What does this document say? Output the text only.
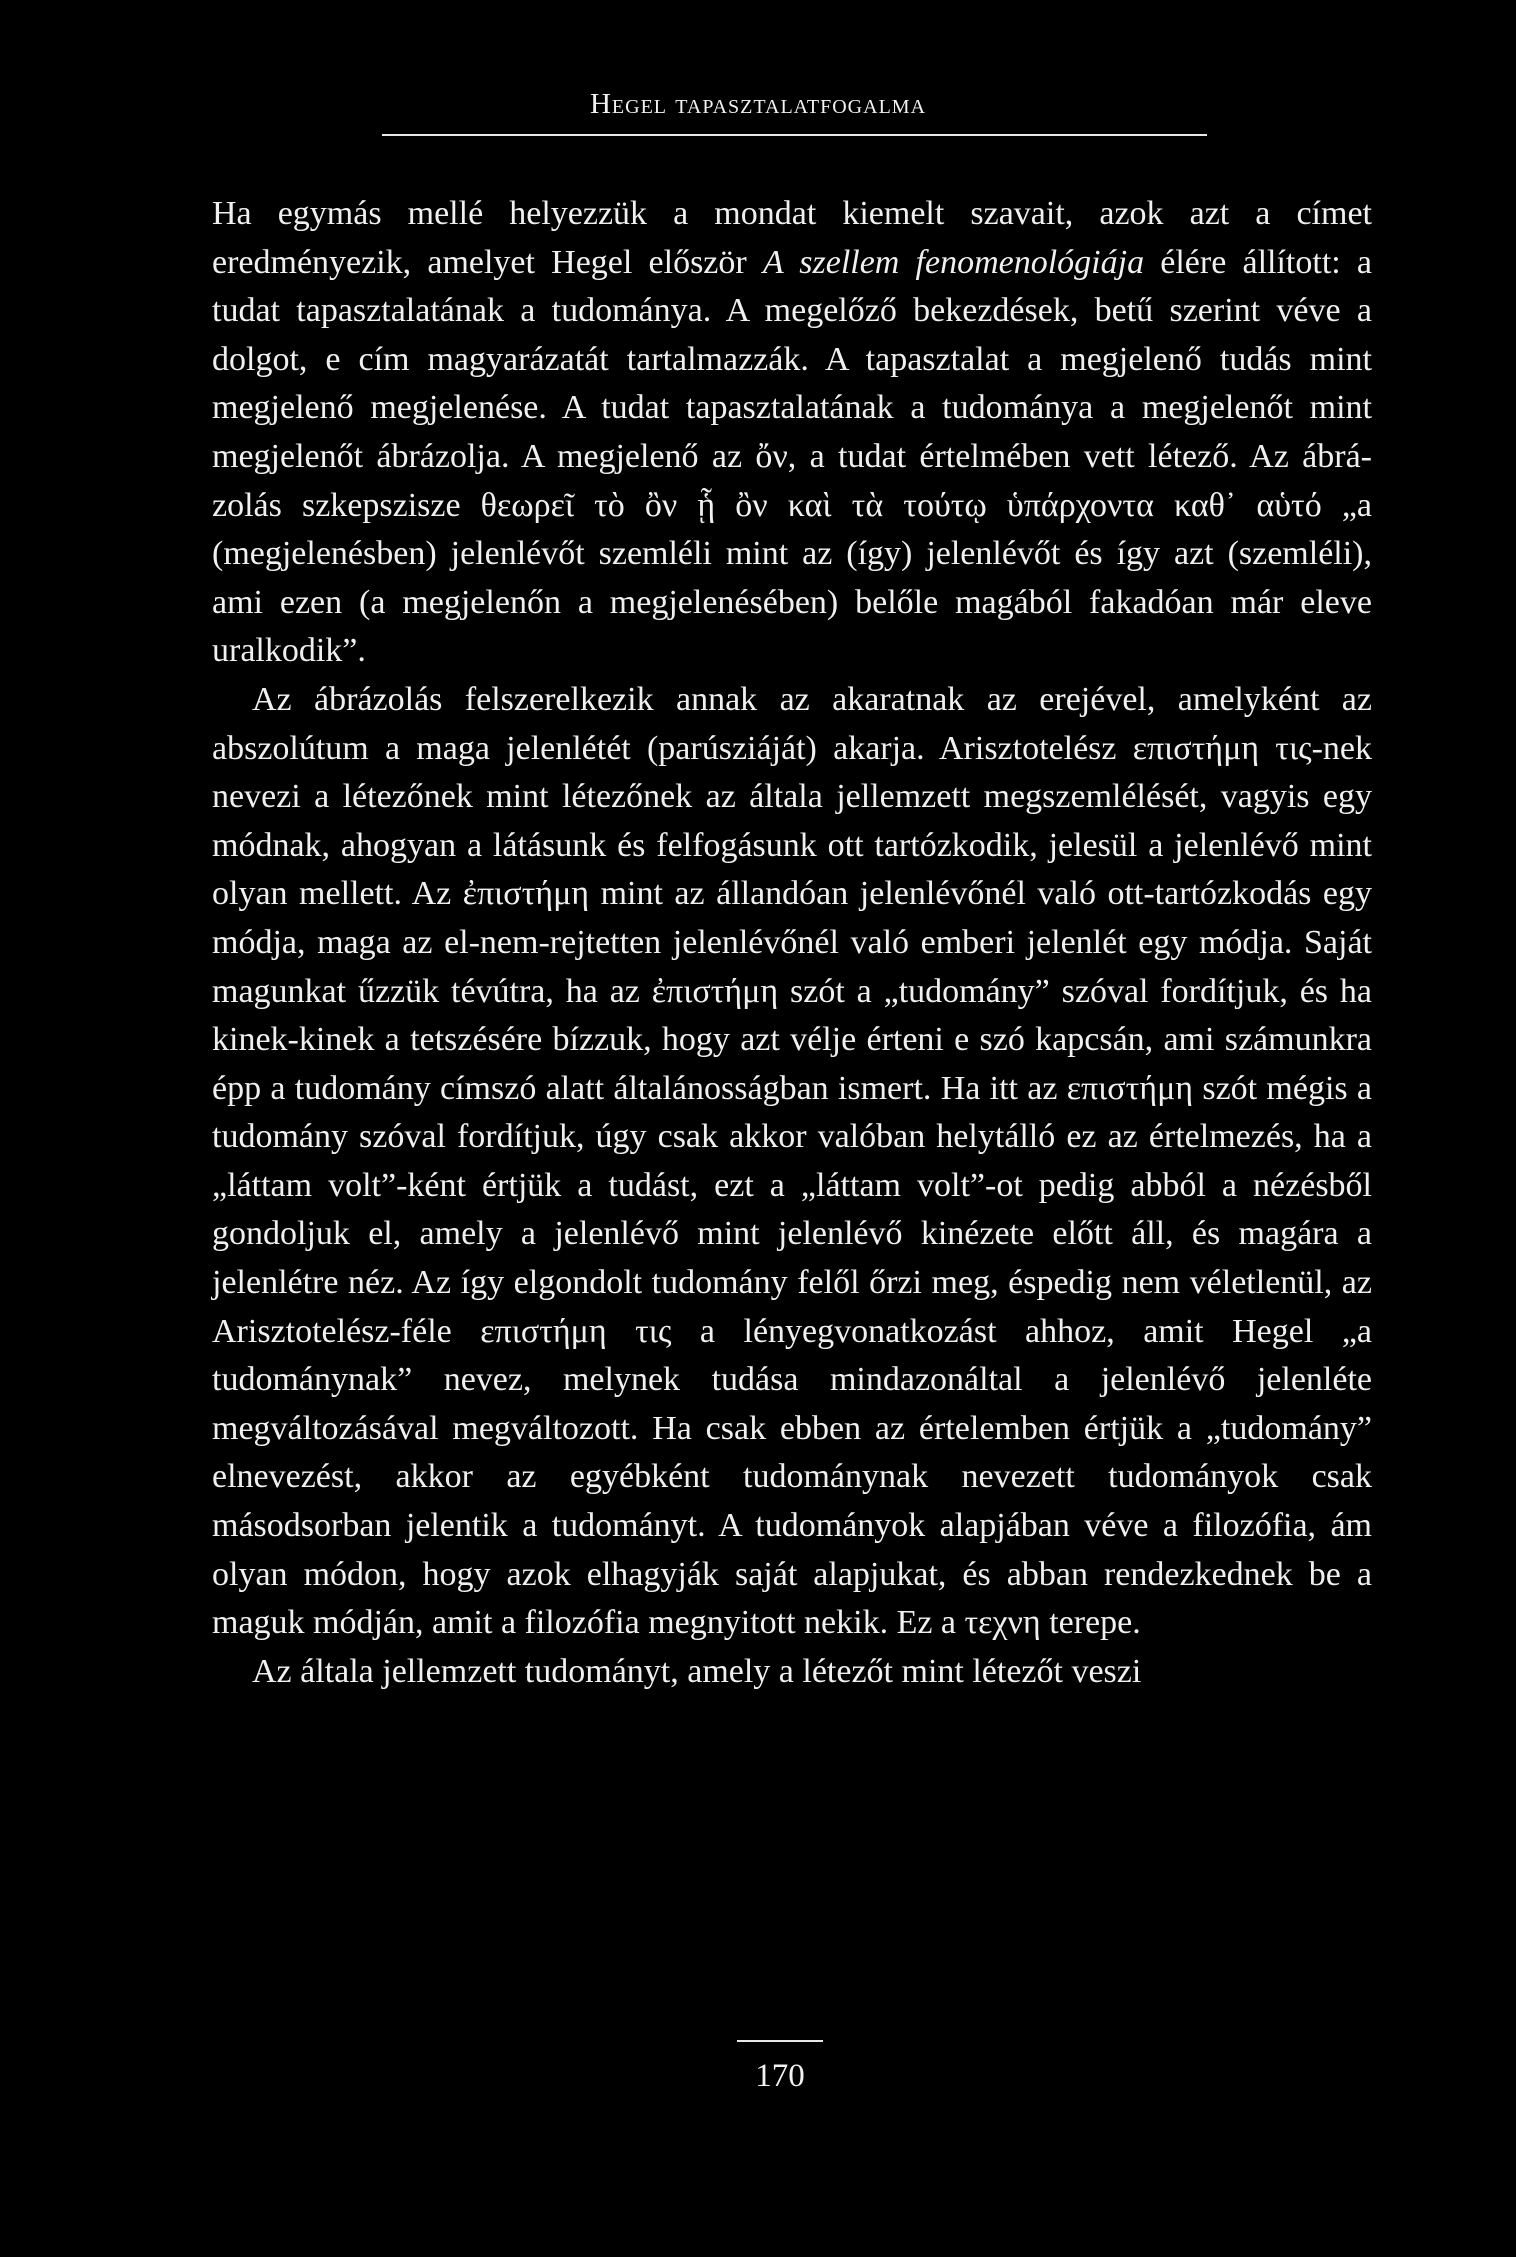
Hegel tapasztalatfogalma

Ha egymás mellé helyezzük a mondat kiemelt szavait, azok azt a címet eredményezik, amelyet Hegel először A szellem fenomenológiája élére állított: a tudat tapasztalatának a tudománya. A megelőző bekezdések, betű szerint véve a dolgot, e cím magyarázatát tartalmazzák. A tapasztalat a megjelenő tudás mint megjelenő megjelenése. A tudat tapasztalatának a tudománya a megjelenőt mint megjelenőt ábrázolja. A megjelenő az ὄν, a tudat értelmében vett létező. Az ábrázolás szkepszisze θεωρεῖ τὸ ὂν ᾗ ὂν καὶ τὰ τούτῳ ὑπάρχοντα καθ᾽ αὑτό „a (megjelenésben) jelenlévőt szemléli mint az (így) jelenlévőt és így azt (szemléli), ami ezen (a megjelenőn a megjelenésében) belőle magából fakadóan már eleve uralkodik”.

Az ábrázolás felszerelkezik annak az akaratnak az erejével, amelyként az abszolútum a maga jelenlétét (parúsziáját) akarja. Arisztotelész επιστήμη τις-nek nevezi a létezőnek mint létezőnek az általa jellemzett megszemlélését, vagyis egy módnak, ahogyan a látásunk és felfogásunk ott tartózkodik, jelesül a jelenlévő mint olyan mellett. Az ἐπιστήμη mint az állandóan jelenlévőnél való ott-tartózkodás egy módja, maga az el-nem-rejtetten jelenlévőnél való emberi jelenlét egy módja. Saját magunkat űzzük tévútra, ha az ἐπιστήμη szót a „tudomány” szóval fordítjuk, és ha kinek-kinek a tetszésére bízzuk, hogy azt vélje érteni e szó kapcsán, ami számunkra épp a tudomány címszó alatt általánosságban ismert. Ha itt az επιστήμη szót mégis a tudomány szóval fordítjuk, úgy csak akkor valóban helytálló ez az értelmezés, ha a „láttam volt”-ként értjük a tudást, ezt a „láttam volt”-ot pedig abból a nézésből gondoljuk el, amely a jelenlévő mint jelenlévő kinézete előtt áll, és magára a jelenlétre néz. Az így elgondolt tudomány felől őrzi meg, éspedig nem véletlenül, az Arisztotelész-féle επιστήμη τις a lényegvonatkozást ahhoz, amit Hegel „a tudománynak” nevez, melynek tudása mindazonáltal a jelenlévő jelenléte megváltozásával megváltozott. Ha csak ebben az értelemben értjük a „tudomány” elnevezést, akkor az egyébként tudománynak nevezett tudományok csak másodsorban jelentik a tudományt. A tudományok alapjában véve a filozófia, ám olyan módon, hogy azok elhagyják saját alapjukat, és abban rendezkednek be a maguk módján, amit a filozófia megnyitott nekik. Ez a τεχνη terepe.

Az általa jellemzett tudományt, amely a létezőt mint létezőt veszi

170
